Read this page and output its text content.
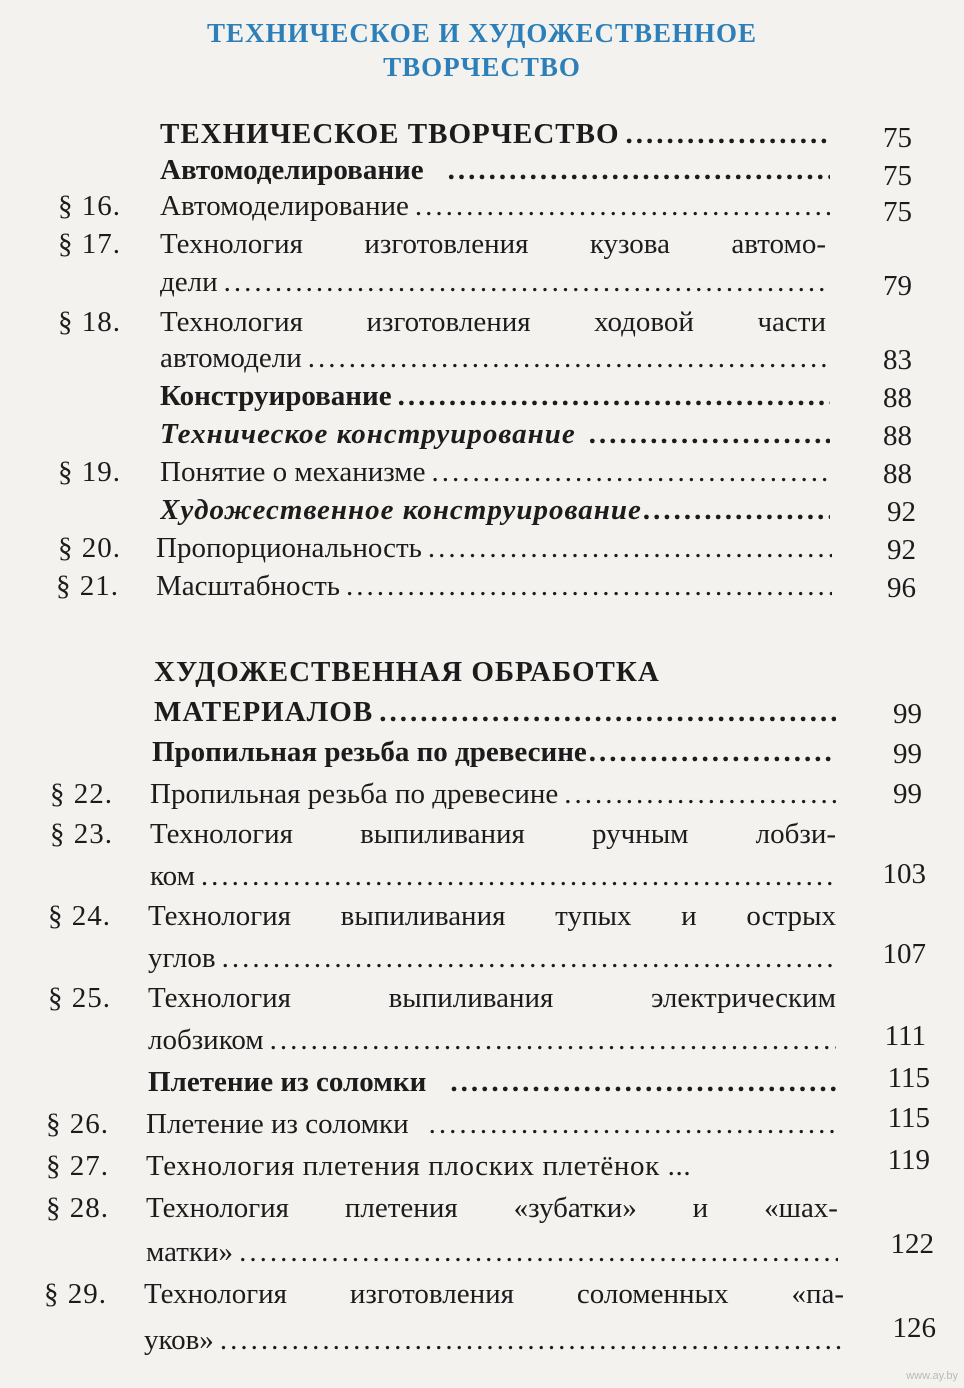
ТЕХНИЧЕСКОЕ И ХУДОЖЕСТВЕННОЕ
ТВОРЧЕСТВО
ТЕХНИЧЕСКОЕ ТВОРЧЕСТВО .....	75
Автомоделирование .....	75
§ 16. Автомоделирование .....	75
§ 17. Технология изготовления кузова автомо-
дели .....	79
§ 18. Технология изготовления ходовой части
автомодели .....	83
Конструирование .....	88
Техническое конструирование .....	88
§ 19. Понятие о механизме .....	88
Художественное конструирование .....	92
§ 20. Пропорциональность .....	92
§ 21. Масштабность .....	96
ХУДОЖЕСТВЕННАЯ ОБРАБОТКА
МАТЕРИАЛОВ .....	99
Пропильная резьба по древесине .....	99
§ 22. Пропильная резьба по древесине .....	99
§ 23. Технология выпиливания ручным лобзи-
ком .....	103
§ 24. Технология выпиливания тупых и острых
углов .....	107
§ 25. Технология	выпиливания	электрическим
лобзиком .....	111
Плетение из соломки .....	115
§ 26. Плетение из соломки .....	115
§ 27. Технология плетения плоских плетёнок ...	119
§ 28. Технология плетения «зубатки» и «шах-
матки» .....	122
§ 29. Технология изготовления соломенных «па-
уков» .....	126
www.ay.by
